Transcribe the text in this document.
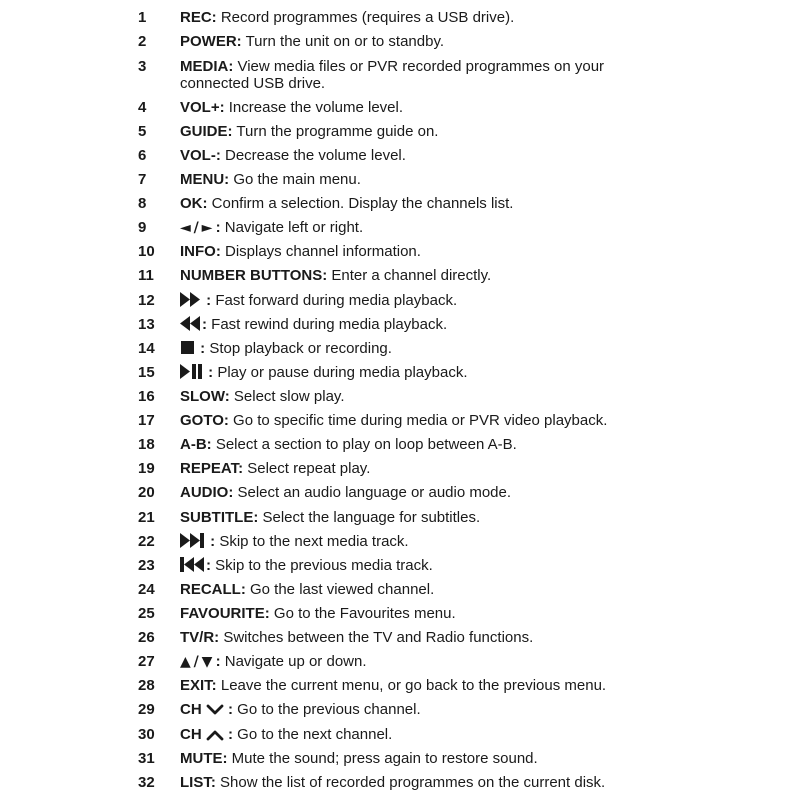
1	REC: Record programmes (requires a USB drive).
2	POWER: Turn the unit on or to standby.
3	MEDIA: View media files or PVR recorded programmes on your connected USB drive.
4	VOL+: Increase the volume level.
5	GUIDE: Turn the programme guide on.
6	VOL-: Decrease the volume level.
7	MENU: Go the main menu.
8	OK: Confirm a selection. Display the channels list.
9	◄ / ► : Navigate left or right.
10	INFO: Displays channel information.
11	NUMBER BUTTONS: Enter a channel directly.
12	: Fast forward during media playback.
13	: Fast rewind during media playback.
14	: Stop playback or recording.
15	: Play or pause during media playback.
16	SLOW: Select slow play.
17	GOTO: Go to specific time during media or PVR video playback.
18	A-B: Select a section to play on loop between A-B.
19	REPEAT: Select repeat play.
20	AUDIO: Select an audio language or audio mode.
21	SUBTITLE: Select the language for subtitles.
22	: Skip to the next media track.
23	: Skip to the previous media track.
24	RECALL: Go the last viewed channel.
25	FAVOURITE: Go to the Favourites menu.
26	TV/R: Switches between the TV and Radio functions.
27	▲ / ▼ : Navigate up or down.
28	EXIT: Leave the current menu, or go back to the previous menu.
29	CH  : Go to the previous channel.
30	CH  : Go to the next channel.
31	MUTE: Mute the sound; press again to restore sound.
32	LIST: Show the list of recorded programmes on the current disk.
